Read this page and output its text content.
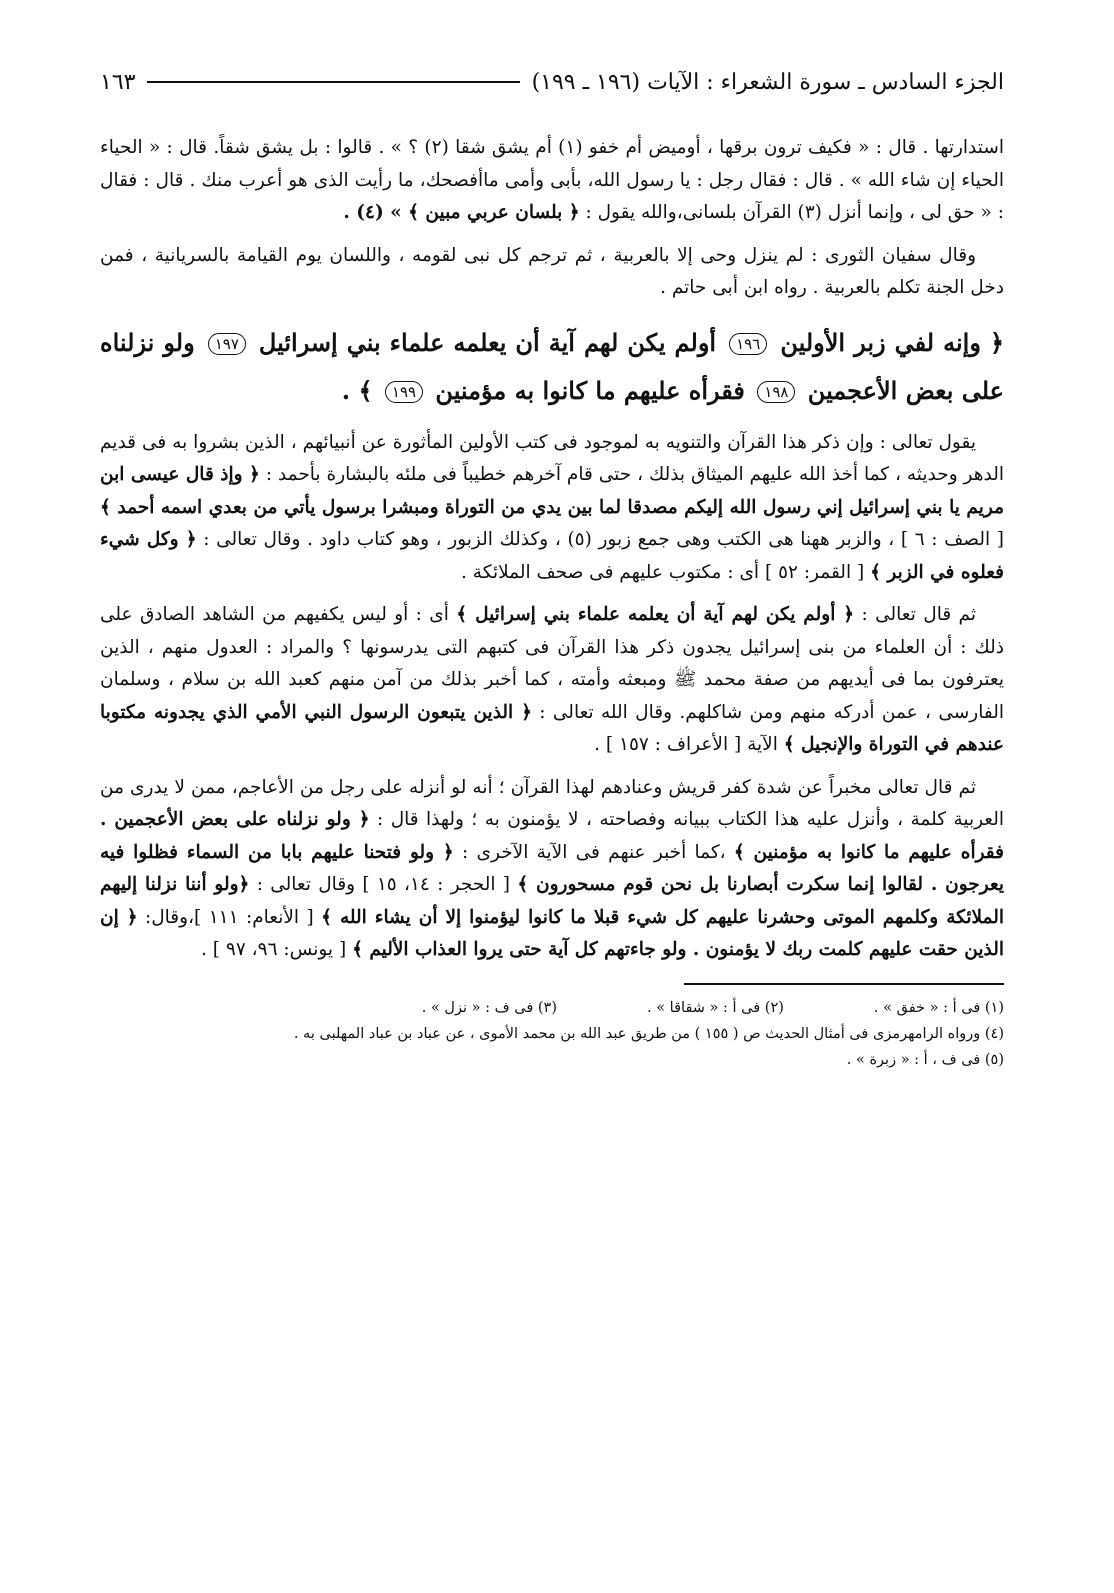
الجزء السادس ـ سورة الشعراء : الآيات (١٩٦ ـ ١٩٩)
١٦٣

استدارتها . قال : « فكيف ترون برقها ، أوميض أم خفو (١) أم يشق شقا (٢) ؟ » . قالوا : بل يشق شقاً. قال : « الحياء الحياء إن شاء الله » . قال : فقال رجل : يا رسول الله، بأبى وأمى ماأفصحك، ما رأيت الذى هو أعرب منك . قال : فقال : « حق لى ، وإنما أنزل (٣) القرآن بلسانى،والله يقول : ﴿ بلسان عربي مبين ﴾ » (٤) .

وقال سفيان الثورى : لم ينزل وحى إلا بالعربية ، ثم ترجم كل نبى لقومه ، واللسان يوم القيامة بالسريانية ، فمن دخل الجنة تكلم بالعربية . رواه ابن أبى حاتم .

﴿ وإنه لفي زبر الأولين ١٩٦ أولم يكن لهم آية أن يعلمه علماء بني إسرائيل ١٩٧ ولو نزلناه على بعض الأعجمين ١٩٨ فقرأه عليهم ما كانوا به مؤمنين ١٩٩ ﴾ .

يقول تعالى : وإن ذكر هذا القرآن والتنويه به لموجود فى كتب الأولين المأثورة عن أنبيائهم ، الذين بشروا به فى قديم الدهر وحديثه ، كما أخذ الله عليهم الميثاق بذلك ، حتى قام آخرهم خطيباً فى ملئه بالبشارة بأحمد : ﴿ وإذ قال عيسى ابن مريم يا بني إسرائيل إني رسول الله إليكم مصدقا لما بين يدي من التوراة ومبشرا برسول يأتي من بعدي اسمه أحمد ﴾ [ الصف : ٦ ] ، والزبر ههنا هى الكتب وهى جمع زبور (٥) ، وكذلك الزبور ، وهو كتاب داود . وقال تعالى : ﴿ وكل شيء فعلوه في الزبر ﴾ [ القمر: ٥٢ ] أى : مكتوب عليهم فى صحف الملائكة .

ثم قال تعالى : ﴿ أولم يكن لهم آية أن يعلمه علماء بني إسرائيل ﴾ أى : أو ليس يكفيهم من الشاهد الصادق على ذلك : أن العلماء من بنى إسرائيل يجدون ذكر هذا القرآن فى كتبهم التى يدرسونها ؟ والمراد : العدول منهم ، الذين يعترفون بما فى أيديهم من صفة محمد ﷺ ومبعثه وأمته ، كما أخبر بذلك من آمن منهم كعبد الله بن سلام ، وسلمان الفارسى ، عمن أدركه منهم ومن شاكلهم. وقال الله تعالى : ﴿ الذين يتبعون الرسول النبي الأمي الذي يجدونه مكتوبا عندهم في التوراة والإنجيل ﴾ الآية [ الأعراف : ١٥٧ ] .

ثم قال تعالى مخبراً عن شدة كفر قريش وعنادهم لهذا القرآن ؛ أنه لو أنزله على رجل من الأعاجم، ممن لا يدرى من العربية كلمة ، وأنزل عليه هذا الكتاب ببيانه وفصاحته ، لا يؤمنون به ؛ ولهذا قال : ﴿ ولو نزلناه على بعض الأعجمين . فقرأه عليهم ما كانوا به مؤمنين ﴾ ،كما أخبر عنهم فى الآية الآخرى : ﴿ ولو فتحنا عليهم بابا من السماء فظلوا فيه يعرجون . لقالوا إنما سكرت أبصارنا بل نحن قوم مسحورون ﴾ [ الحجر : ١٤، ١٥ ] وقال تعالى : ﴿ولو أننا نزلنا إليهم الملائكة وكلمهم الموتى وحشرنا عليهم كل شيء قبلا ما كانوا ليؤمنوا إلا أن يشاء الله ﴾ [ الأنعام: ١١١ ]،وقال: ﴿ إن الذين حقت عليهم كلمت ربك لا يؤمنون . ولو جاءتهم كل آية حتى يروا العذاب الأليم ﴾ [ يونس: ٩٦، ٩٧ ] .

(١) فى أ : « خفق » .
(٢) فى أ : « شقاقا » .
(٣) فى ف : « نزل » .
(٤) ورواه الرامهرمزى فى أمثال الحديث ص ( ١٥٥ ) من طريق عبد الله بن محمد الأموى ، عن عباد بن عباد المهلبى به .
(٥) فى ف ، أ : « زبرة » .
